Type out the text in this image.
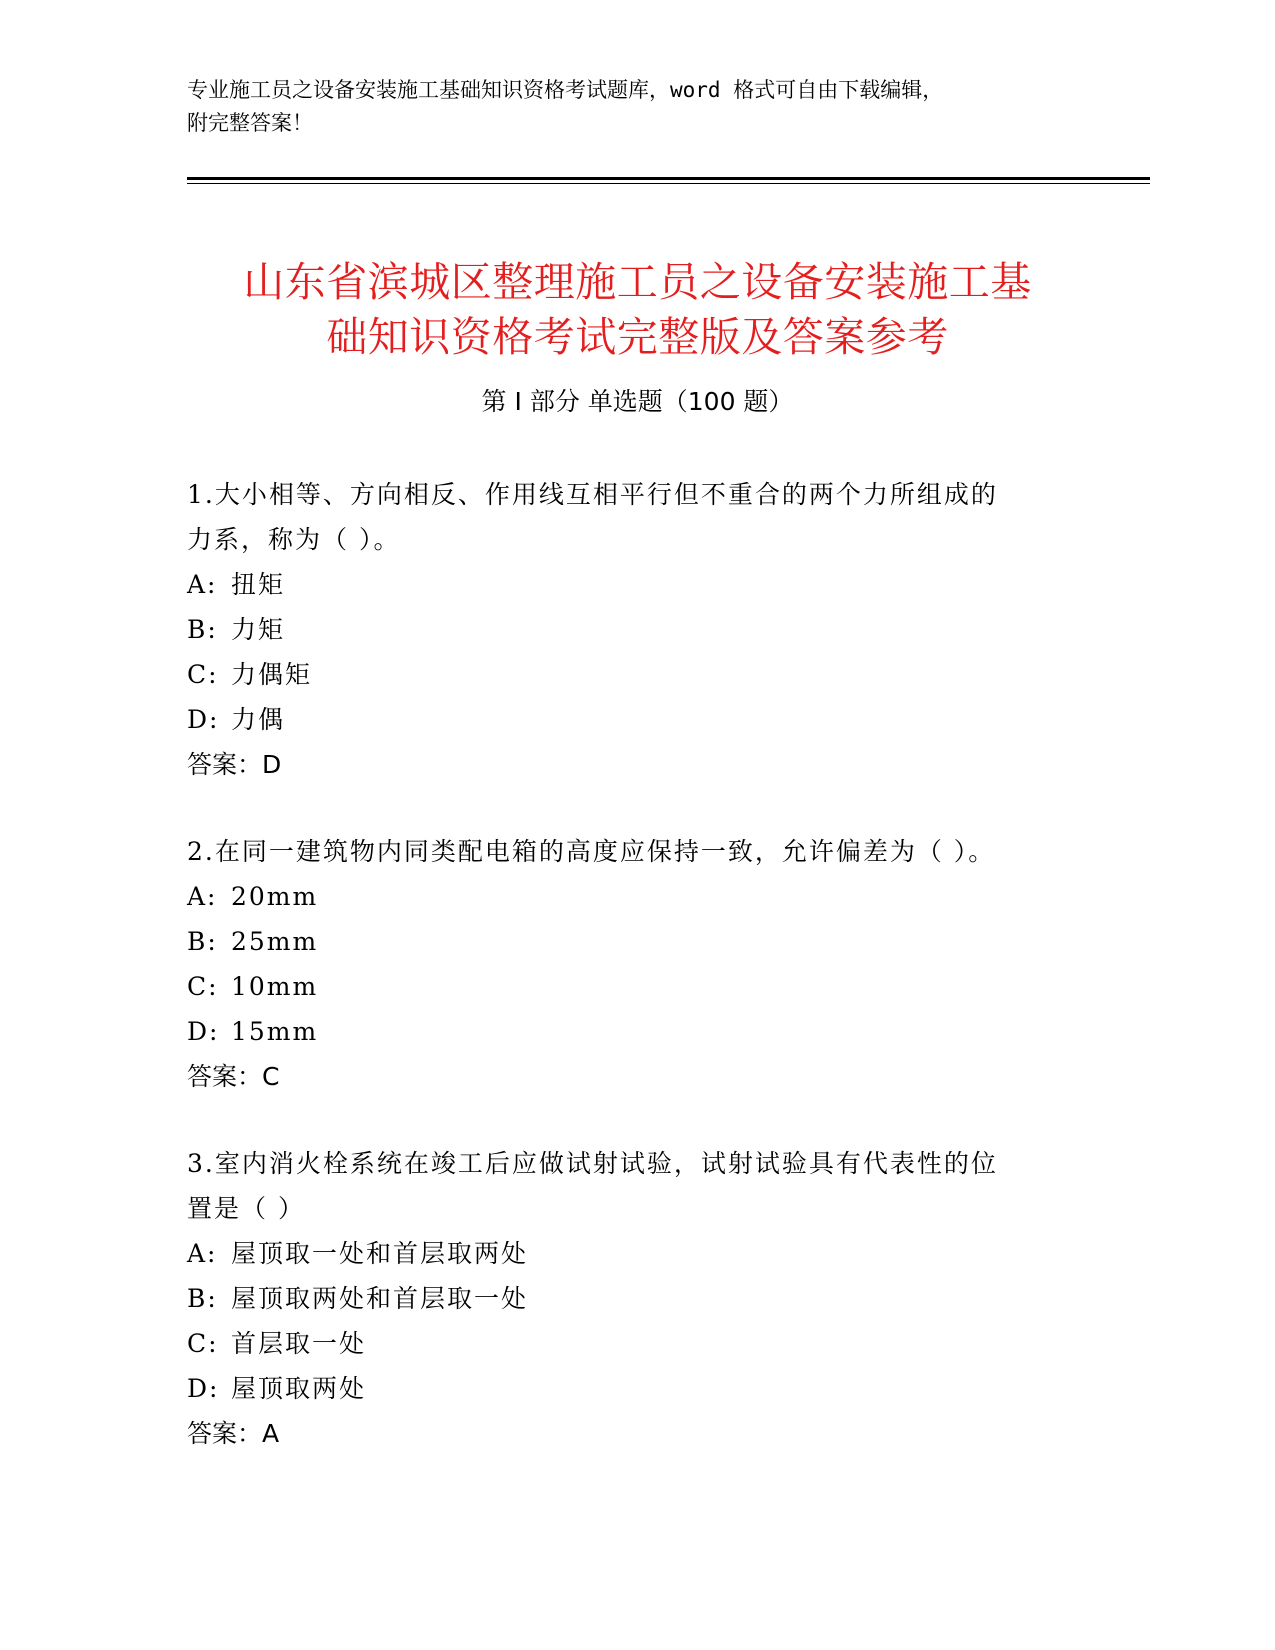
专业施工员之设备安装施工基础知识资格考试题库，word 格式可自由下载编辑，
附完整答案！
山东省滨城区整理施工员之设备安装施工基
础知识资格考试完整版及答案参考
第 I 部分 单选题（100 题）

1.大小相等、方向相反、作用线互相平行但不重合的两个力所组成的
力系，称为（ ）。

A: 扭矩

B: 力矩

C: 力偶矩

D: 力偶

答案：D

2.在同一建筑物内同类配电箱的高度应保持一致，允许偏差为（ ）。

A: 20mm

B: 25mm

C: 10mm

D: 15mm

答案：C

3.室内消火栓系统在竣工后应做试射试验，试射试验具有代表性的位
置是（ ）

A: 屋顶取一处和首层取两处

B: 屋顶取两处和首层取一处

C: 首层取一处

D: 屋顶取两处

答案：A
